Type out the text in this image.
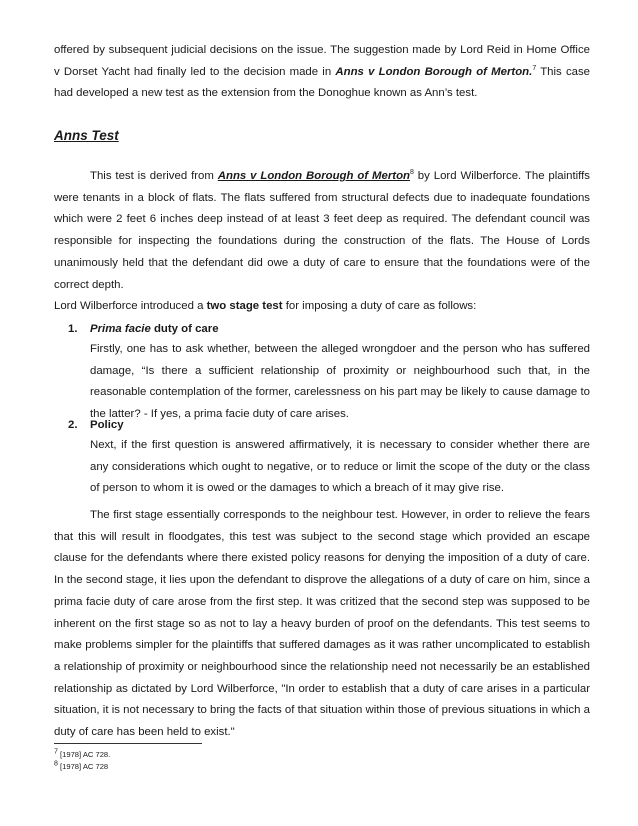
offered by subsequent judicial decisions on the issue. The suggestion made by Lord Reid in Home Office v Dorset Yacht had finally led to the decision made in Anns v London Borough of Merton.$^7$ This case had developed a new test as the extension from the Donoghue known as Ann’s test.

Anns Test

This test is derived from Anns v London Borough of Merton$^8$ by Lord Wilberforce. The plaintiffs were tenants in a block of flats. The flats suffered from structural defects due to inadequate foundations which were 2 feet 6 inches deep instead of at least 3 feet deep as required. The defendant council was responsible for inspecting the foundations during the construction of the flats. The House of Lords unanimously held that the defendant did owe a duty of care to ensure that the foundations were of the correct depth.

Lord Wilberforce introduced a two stage test for imposing a duty of care as follows:

1. Prima facie duty of care

Firstly, one has to ask whether, between the alleged wrongdoer and the person who has suffered damage, “Is there a sufficient relationship of proximity or neighbourhood such that, in the reasonable contemplation of the former, carelessness on his part may be likely to cause damage to the latter? - If yes, a prima facie duty of care arises.

2. Policy

Next, if the first question is answered affirmatively, it is necessary to consider whether there are any considerations which ought to negative, or to reduce or limit the scope of the duty or the class of person to whom it is owed or the damages to which a breach of it may give rise.

The first stage essentially corresponds to the neighbour test. However, in order to relieve the fears that this will result in floodgates, this test was subject to the second stage which provided an escape clause for the defendants where there existed policy reasons for denying the imposition of a duty of care. In the second stage, it lies upon the defendant to disprove the allegations of a duty of care on him, since a prima facie duty of care arose from the first step. It was critized that the second step was supposed to be inherent on the first stage so as not to lay a heavy burden of proof on the defendants. This test seems to make problems simpler for the plaintiffs that suffered damages as it was rather uncomplicated to establish a relationship of proximity or neighbourhood since the relationship need not necessarily be an established relationship as dictated by Lord Wilberforce, "In order to establish that a duty of care arises in a particular situation, it is not necessary to bring the facts of that situation within those of previous situations in which a duty of care has been held to exist."

$^7$ [1978] AC 728.
$^8$ [1978] AC 728
